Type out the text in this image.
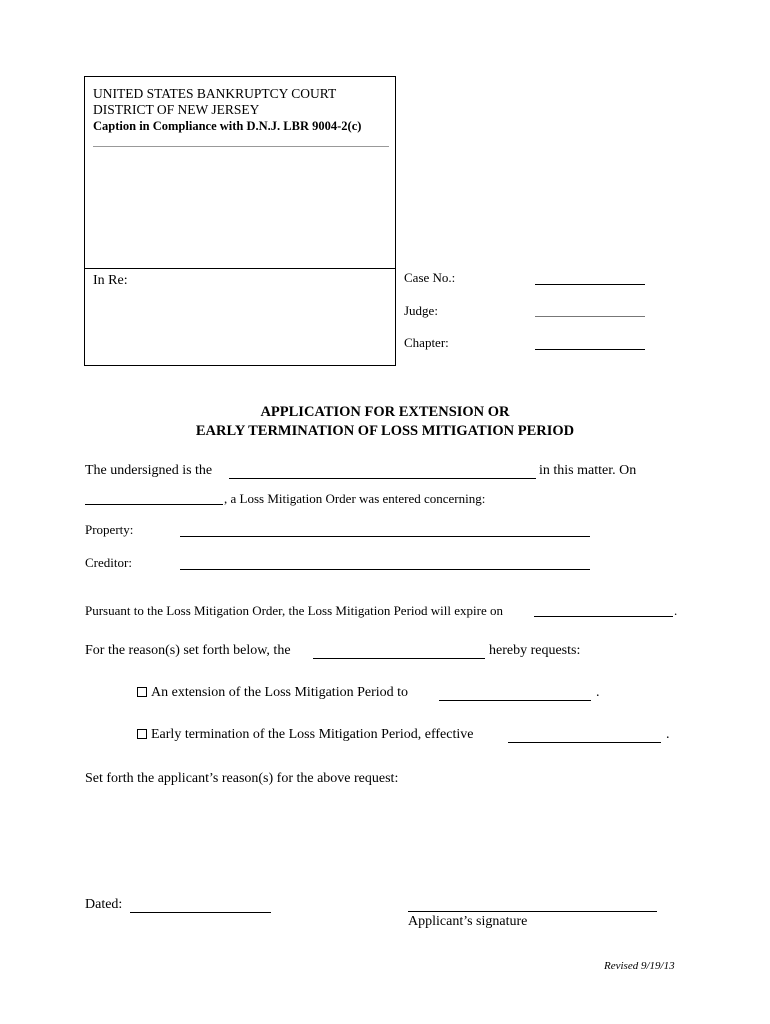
UNITED STATES BANKRUPTCY COURT
DISTRICT OF NEW JERSEY
Caption in Compliance with D.N.J. LBR 9004-2(c)
In Re:	Case No.:
Judge:
Chapter:
APPLICATION FOR EXTENSION OR
EARLY TERMINATION OF LOSS MITIGATION PERIOD
The undersigned is the	in this matter. On
, a Loss Mitigation Order was entered concerning:
Property:
Creditor:
Pursuant to the Loss Mitigation Order, the Loss Mitigation Period will expire on	.
For the reason(s) set forth below, the	hereby requests:
An extension of the Loss Mitigation Period to	.
Early termination of the Loss Mitigation Period, effective	.
Set forth the applicant’s reason(s) for the above request:
Dated:
Applicant’s signature
Revised 9/19/13
